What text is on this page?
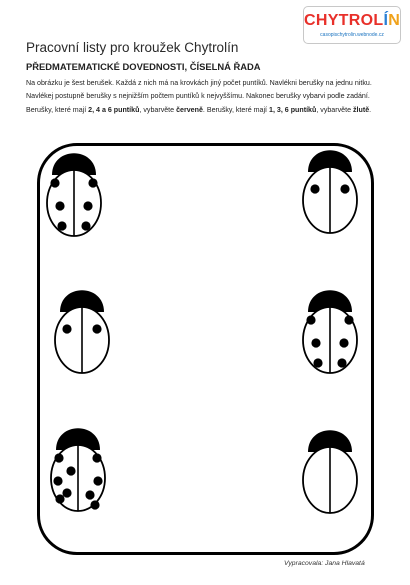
CHYTROLÍN
casopischytrolin.webnode.cz
Pracovní listy pro kroužek Chytrolín
PŘEDMATEMATICKÉ DOVEDNOSTI, ČÍSELNÁ ŘADA

Na obrázku je šest berušek. Každá z nich má na krovkách jiný počet puntíků. Navlékni berušky na jednu nitku. Navlékej postupně berušky s nejnižším počtem puntíků k nejvyššímu. Nakonec berušky vybarvi podle zadání. Berušky, které mají 2, 4 a 6 puntíků, vybarvěte červeně. Berušky, které mají 1, 3, 6 puntíků, vybarvěte žlutě.

Vypracovala: Jana Hlavatá
